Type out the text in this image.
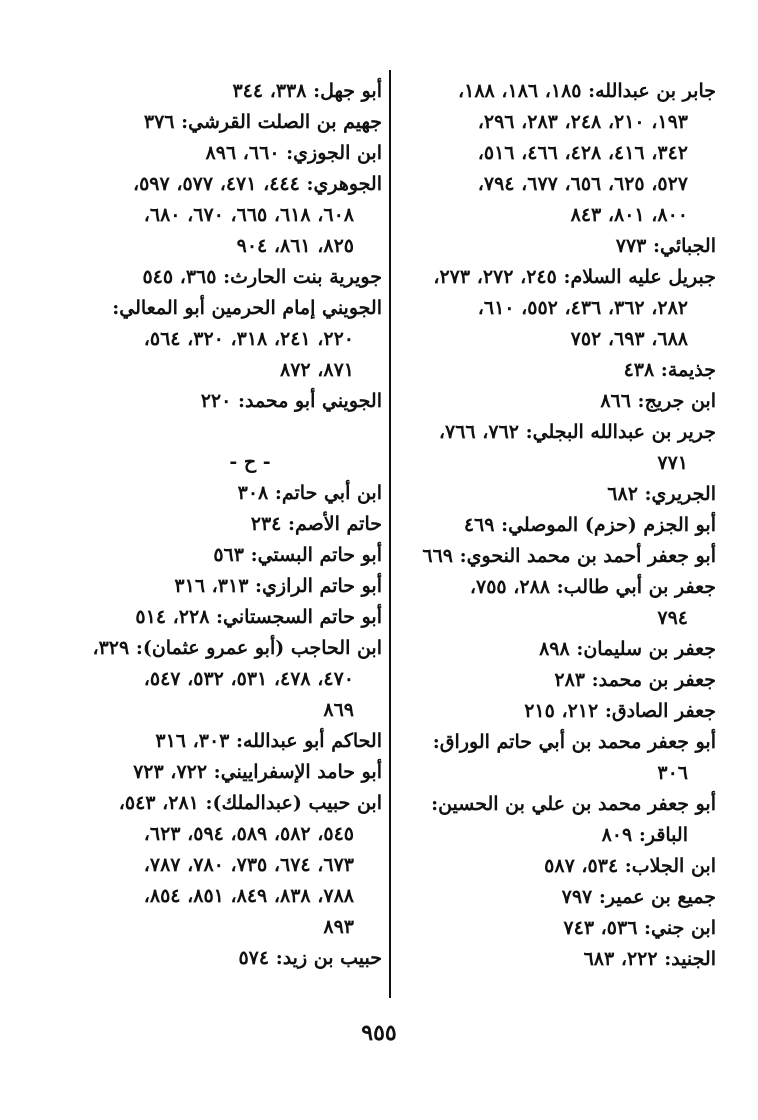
جابر بن عبدالله: ١٨٥، ١٨٦، ١٨٨،
١٩٣، ٢١٠، ٢٤٨، ٢٨٣، ٢٩٦،
٣٤٢، ٤١٦، ٤٢٨، ٤٦٦، ٥١٦،
٥٢٧، ٦٢٥، ٦٥٦، ٦٧٧، ٧٩٤،
٨٠٠، ٨٠١، ٨٤٣
الجبائي: ٧٧٣
جبريل عليه السلام: ٢٤٥، ٢٧٢، ٢٧٣،
٢٨٢، ٣٦٢، ٤٣٦، ٥٥٢، ٦١٠،
٦٨٨، ٦٩٣، ٧٥٢
جذيمة: ٤٣٨
ابن جريج: ٨٦٦
جرير بن عبدالله البجلي: ٧٦٢، ٧٦٦،
٧٧١
الجريري: ٦٨٢
أبو الجزم (حزم) الموصلي: ٤٦٩
أبو جعفر أحمد بن محمد النحوي: ٦٦٩
جعفر بن أبي طالب: ٢٨٨، ٧٥٥،
٧٩٤
جعفر بن سليمان: ٨٩٨
جعفر بن محمد: ٢٨٣
جعفر الصادق: ٢١٢، ٢١٥
أبو جعفر محمد بن أبي حاتم الوراق:
٣٠٦
أبو جعفر محمد بن علي بن الحسين:
الباقر: ٨٠٩
ابن الجلاب: ٥٣٤، ٥٨٧
جميع بن عمير: ٧٩٧
ابن جني: ٥٣٦، ٧٤٣
الجنيد: ٢٢٢، ٦٨٣
أبو جهل: ٣٣٨، ٣٤٤
جهيم بن الصلت القرشي: ٣٧٦
ابن الجوزي: ٦٦٠، ٨٩٦
الجوهري: ٤٤٤، ٤٧١، ٥٧٧، ٥٩٧،
٦٠٨، ٦١٨، ٦٦٥، ٦٧٠، ٦٨٠،
٨٢٥، ٨٦١، ٩٠٤
جويرية بنت الحارث: ٣٦٥، ٥٤٥
الجويني إمام الحرمين أبو المعالي:
٢٢٠، ٢٤١، ٣١٨، ٣٢٠، ٥٦٤،
٨٧١، ٨٧٢
الجويني أبو محمد: ٢٢٠
- ح -
ابن أبي حاتم: ٣٠٨
حاتم الأصم: ٢٣٤
أبو حاتم البستي: ٥٦٣
أبو حاتم الرازي: ٣١٣، ٣١٦
أبو حاتم السجستاني: ٢٢٨، ٥١٤
ابن الحاجب (أبو عمرو عثمان): ٣٢٩،
٤٧٠، ٤٧٨، ٥٣١، ٥٣٢، ٥٤٧،
٨٦٩
الحاكم أبو عبدالله: ٣٠٣، ٣١٦
أبو حامد الإسفراييني: ٧٢٢، ٧٢٣
ابن حبيب (عبدالملك): ٢٨١، ٥٤٣،
٥٤٥، ٥٨٢، ٥٨٩، ٥٩٤، ٦٢٣،
٦٧٣، ٦٧٤، ٧٣٥، ٧٨٠، ٧٨٧،
٧٨٨، ٨٣٨، ٨٤٩، ٨٥١، ٨٥٤،
٨٩٣
حبيب بن زيد: ٥٧٤
٩٥٥
